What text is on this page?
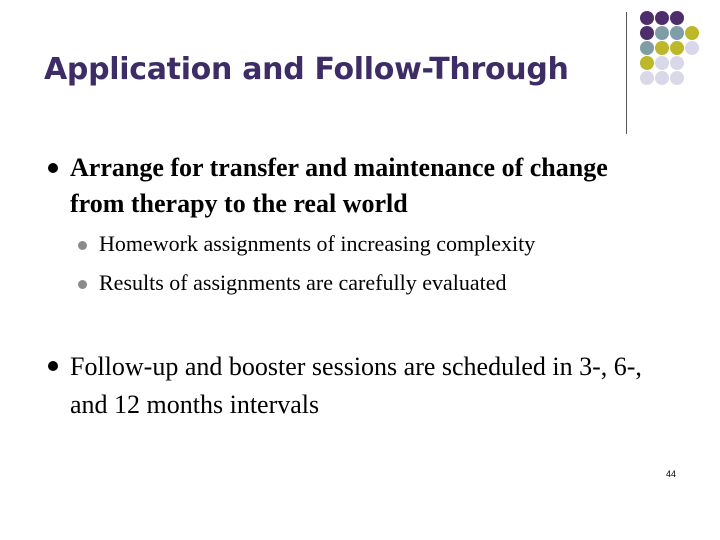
Application and Follow-Through
Arrange for transfer and maintenance of change from therapy to the real world
Homework assignments of increasing complexity
Results of assignments are carefully evaluated
Follow-up and booster sessions are scheduled in 3-, 6-, and 12 months intervals
44
